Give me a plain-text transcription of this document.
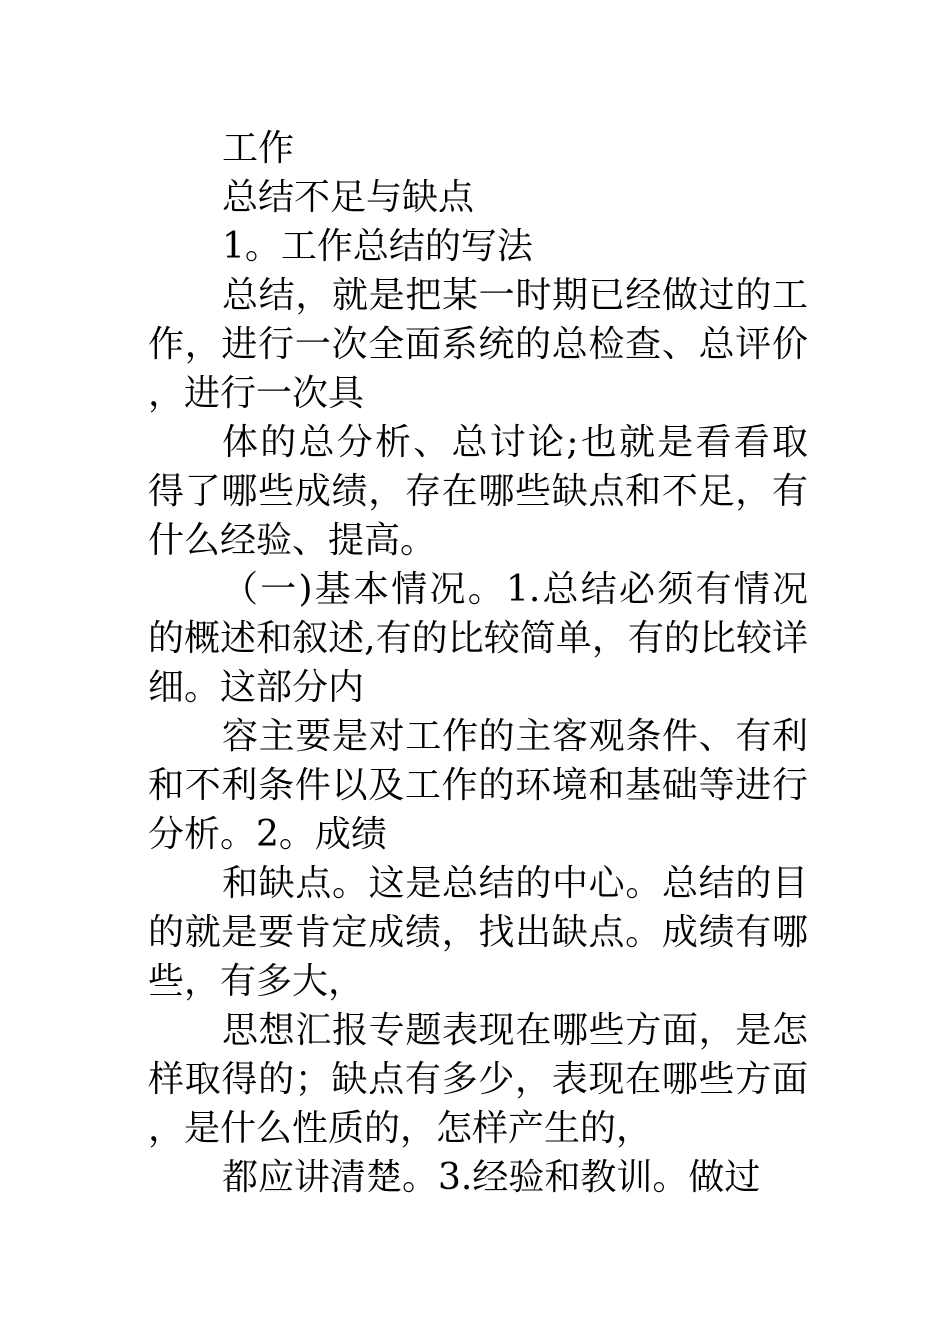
工作

总结不足与缺点

1。工作总结的写法

总结，就是把某一时期已经做过的工作，进行一次全面系统的总检查、总评价，进行一次具

体的总分析、总讨论;也就是看看取得了哪些成绩，存在哪些缺点和不足，有什么经验、提高。

（一)基本情况。1.总结必须有情况的概述和叙述,有的比较简单，有的比较详细。这部分内

容主要是对工作的主客观条件、有利和不利条件以及工作的环境和基础等进行分析。2。成绩

和缺点。这是总结的中心。总结的目的就是要肯定成绩，找出缺点。成绩有哪些，有多大，

思想汇报专题表现在哪些方面，是怎样取得的；缺点有多少，表现在哪些方面，是什么性质的，怎样产生的，

都应讲清楚。3.经验和教训。做过
